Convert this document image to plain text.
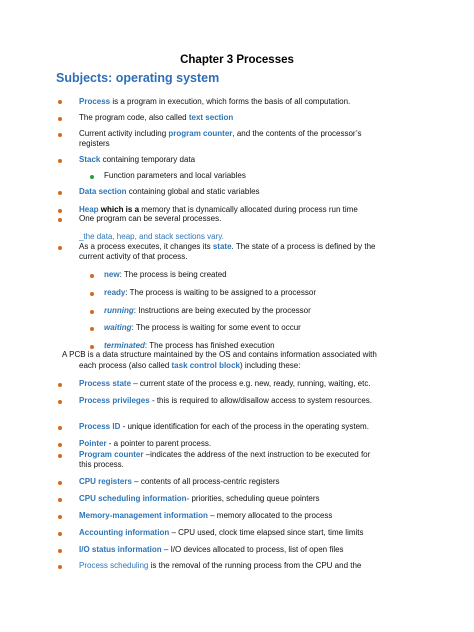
Chapter 3 Processes
Subjects: operating system
Process is a program in execution, which forms the basis of all computation.
The program code, also called text section
Current activity including program counter, and the contents of the processor’s
registers
Stack containing temporary data
Function parameters and local variables
Data section containing global and static variables
Heap which is a memory that is dynamically allocated during process run time
One program can be several processes.
_the data, heap, and stack sections vary.
As a process executes, it changes its state. The state of a process is defined by the
current activity of that process.
new: The process is being created
ready: The process is waiting to be assigned to a processor
running: Instructions are being executed by the processor
waiting: The process is waiting for some event to occur
terminated: The process has finished execution
A PCB is a data structure maintained by the OS and contains information associated with
each process (also called task control block) including these:
Process state – current state of the process e.g. new, ready, running, waiting, etc.
Process privileges - this is required to allow/disallow access to system resources.
Process ID - unique identification for each of the process in the operating system.
Pointer - a pointer to parent process.
Program counter –indicates the address of the next instruction to be executed for
this process.
CPU registers – contents of all process-centric registers
CPU scheduling information- priorities, scheduling queue pointers
Memory-management information – memory allocated to the process
Accounting information – CPU used, clock time elapsed since start, time limits
I/O status information – I/O devices allocated to process, list of open files
Process scheduling is the removal of the running process from the CPU and the
